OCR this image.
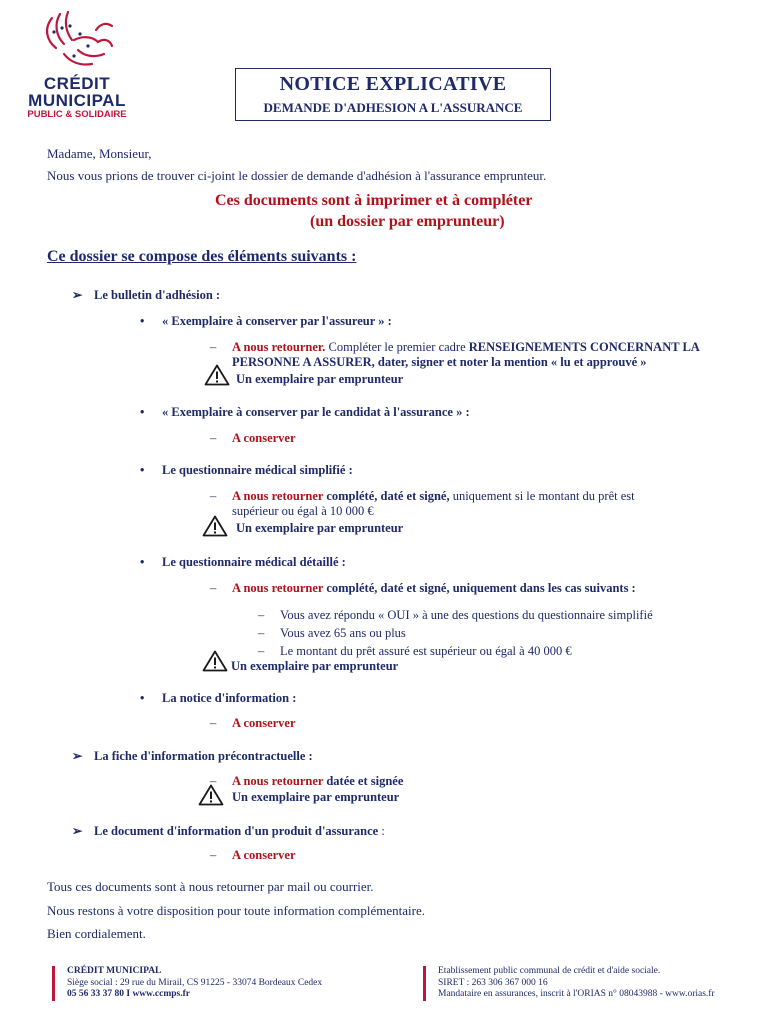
CRÉDIT
MUNICIPAL
PUBLIC & SOLIDAIRE
NOTICE EXPLICATIVE
DEMANDE D'ADHESION A L'ASSURANCE
Madame, Monsieur,
Nous vous prions de trouver ci-joint le dossier de demande d'adhésion à l'assurance emprunteur.
Ces documents sont à imprimer et à compléter
(un dossier par emprunteur)
Ce dossier se compose des éléments suivants :
➢ Le bulletin d'adhésion :
• « Exemplaire à conserver par l'assureur » :
– A nous retourner. Compléter le premier cadre RENSEIGNEMENTS CONCERNANT LA
PERSONNE A ASSURER, dater, signer et noter la mention « lu et approuvé »
Un exemplaire par emprunteur
• « Exemplaire à conserver par le candidat à l'assurance » :
– A conserver
• Le questionnaire médical simplifié :
– A nous retourner complété, daté et signé, uniquement si le montant du prêt est
supérieur ou égal à 10 000 €
Un exemplaire par emprunteur
• Le questionnaire médical détaillé :
– A nous retourner complété, daté et signé, uniquement dans les cas suivants :
– Vous avez répondu « OUI » à une des questions du questionnaire simplifié
– Vous avez 65 ans ou plus
– Le montant du prêt assuré est supérieur ou égal à 40 000 €
Un exemplaire par emprunteur
• La notice d'information :
– A conserver
➢ La fiche d'information précontractuelle :
– A nous retourner datée et signée
Un exemplaire par emprunteur
➢ Le document d'information d'un produit d'assurance :
– A conserver
Tous ces documents sont à nous retourner par mail ou courrier.
Nous restons à votre disposition pour toute information complémentaire.
Bien cordialement.
CRÉDIT MUNICIPAL
Siège social : 29 rue du Mirail, CS 91225 - 33074 Bordeaux Cedex
05 56 33 37 80 I www.ccmps.fr
Etablissement public communal de crédit et d'aide sociale.
SIRET : 263 306 367 000 16
Mandataire en assurances, inscrit à l'ORIAS n° 08043988 - www.orias.fr
